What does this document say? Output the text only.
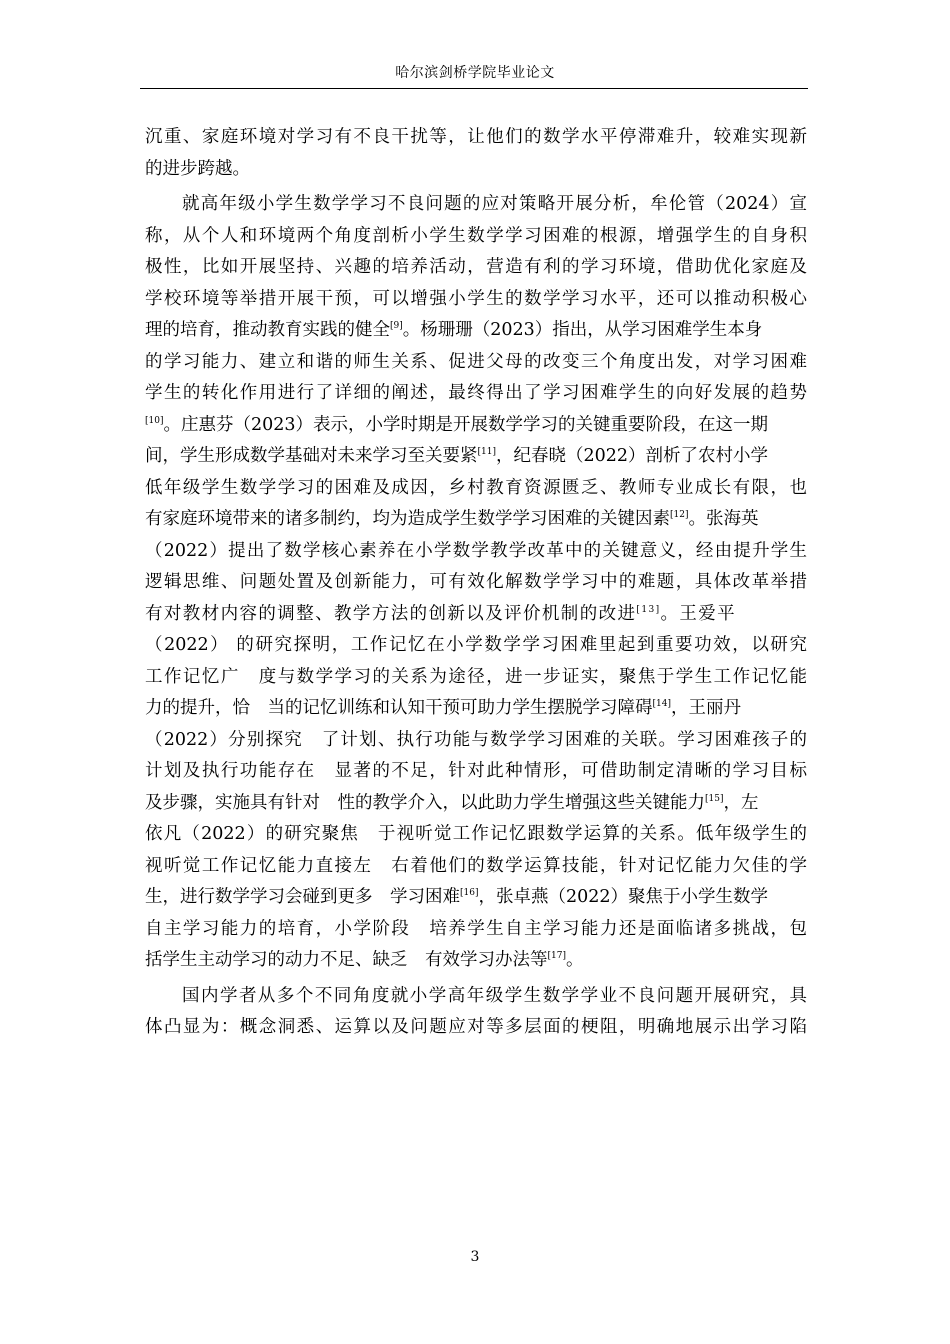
哈尔滨剑桥学院毕业论文

沉重、家庭环境对学习有不良干扰等，让他们的数学水平停滞难升，较难实现新
的进步跨越。

就高年级小学生数学学习不良问题的应对策略开展分析，牟伦管（2024）宣
称，从个人和环境两个角度剖析小学生数学学习困难的根源，增强学生的自身积
极性，比如开展坚持、兴趣的培养活动，营造有利的学习环境，借助优化家庭及
学校环境等举措开展干预，可以增强小学生的数学学习水平，还可以推动积极心
理的培育，推动教育实践的健全[9]。杨珊珊（2023）指出，从学习困难学生本身
的学习能力、建立和谐的师生关系、促进父母的改变三个角度出发，对学习困难
学生的转化作用进行了详细的阐述，最终得出了学习困难学生的向好发展的趋势
[10]。庄惠芬（2023）表示，小学时期是开展数学学习的关键重要阶段，在这一期
间，学生形成数学基础对未来学习至关要紧[11]，纪春晓（2022）剖析了农村小学
低年级学生数学学习的困难及成因，乡村教育资源匮乏、教师专业成长有限，也
有家庭环境带来的诸多制约，均为造成学生数学学习困难的关键因素[12]。张海英
（2022）提出了数学核心素养在小学数学教学改革中的关键意义，经由提升学生
逻辑思维、问题处置及创新能力，可有效化解数学学习中的难题，具体改革举措
有对教材内容的调整、教学方法的创新以及评价机制的改进[13]。王爱平
（2022） 的研究探明，工作记忆在小学数学学习困难里起到重要功效，以研究
工作记忆广　度与数学学习的关系为途径，进一步证实，聚焦于学生工作记忆能
力的提升，恰　当的记忆训练和认知干预可助力学生摆脱学习障碍[14]，王丽丹
（2022）分别探究　了计划、执行功能与数学学习困难的关联。学习困难孩子的
计划及执行功能存在　显著的不足，针对此种情形，可借助制定清晰的学习目标
及步骤，实施具有针对　性的教学介入，以此助力学生增强这些关键能力[15]，左
依凡（2022）的研究聚焦　于视听觉工作记忆跟数学运算的关系。低年级学生的
视听觉工作记忆能力直接左　右着他们的数学运算技能，针对记忆能力欠佳的学
生，进行数学学习会碰到更多　学习困难[16]，张卓燕（2022）聚焦于小学生数学
自主学习能力的培育，小学阶段　培养学生自主学习能力还是面临诸多挑战，包
括学生主动学习的动力不足、缺乏　有效学习办法等[17]。

国内学者从多个不同角度就小学高年级学生数学学业不良问题开展研究，具
体凸显为：概念洞悉、运算以及问题应对等多层面的梗阻，明确地展示出学习陷

3
